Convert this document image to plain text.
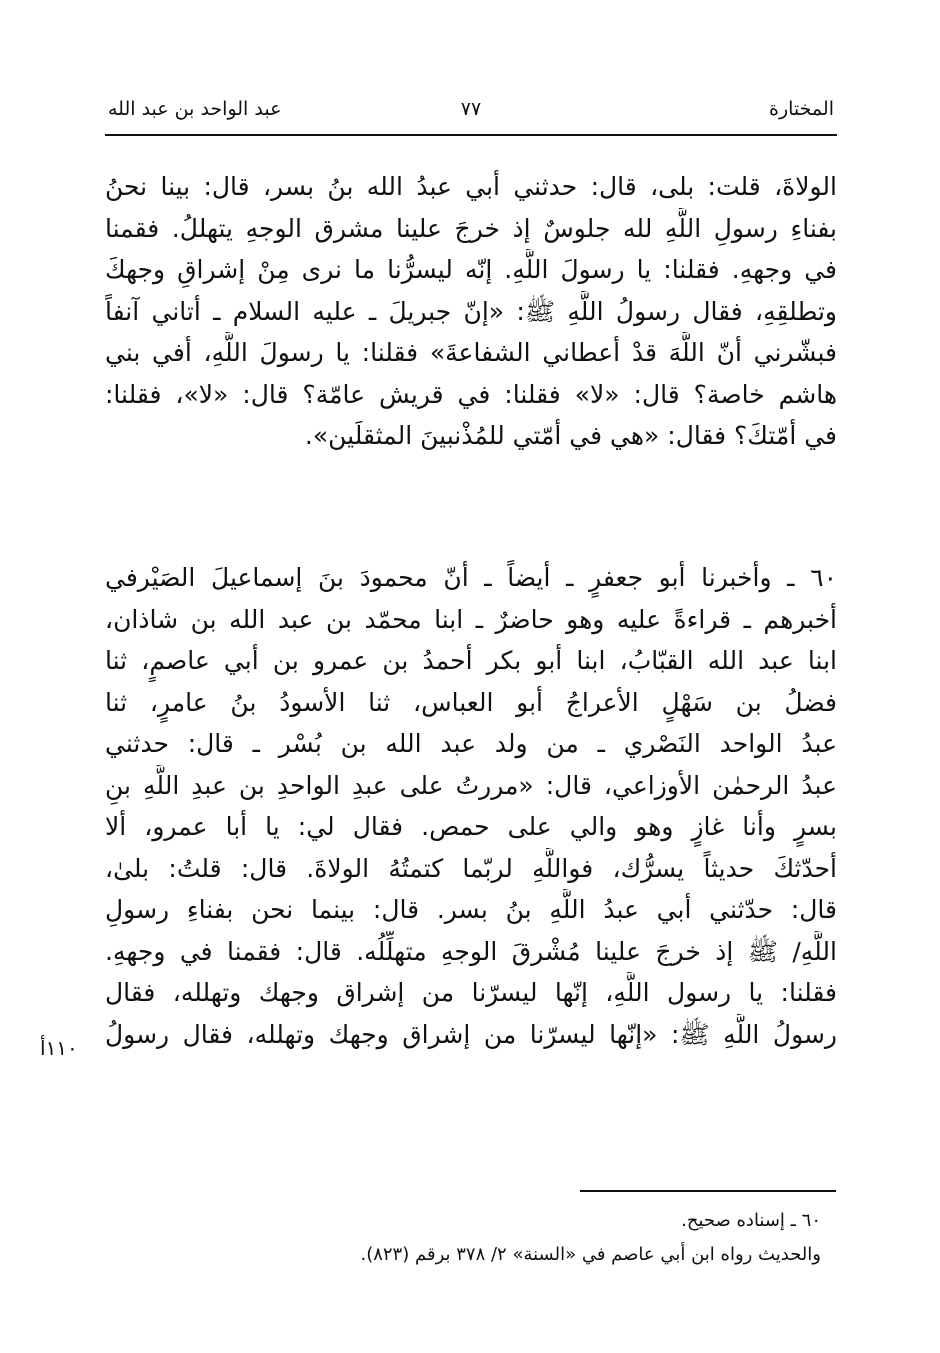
المختارة
٧٧
عبد الواحد بن عبد الله
الولاةَ، قلت: بلى، قال: حدثني أبي عبدُ الله بنُ بسر، قال: بينا نحنُ
بفناءِ رسولِ اللَّهِ لله جلوسٌ إذ خرجَ علينا مشرق الوجهِ يتهللُ. فقمنا
في وجههِ. فقلنا: يا رسولَ اللَّهِ. إنّه ليسرُّنا ما نرى مِنْ إشراقِ وجهكَ
وتطلقِهِ، فقال رسولُ اللَّهِ ﷺ: «إنّ جبريلَ ـ عليه السلام ـ أتاني آنفاً
فبشّرني أنّ اللَّهَ قدْ أعطاني الشفاعةَ» فقلنا: يا رسولَ اللَّهِ، أفي بني
هاشم خاصة؟ قال: «لا» فقلنا: في قريش عامّة؟ قال: «لا»، فقلنا:
في أمّتكَ؟ فقال: «هي في أمّتي للمُذْنبينَ المثقلَين».
٦٠ ـ وأخبرنا أبو جعفرٍ ـ أيضاً ـ أنّ محمودَ بنَ إسماعيلَ الصَيْرفي
أخبرهم ـ قراءةً عليه وهو حاضرٌ ـ ابنا محمّد بن عبد الله بن شاذان،
ابنا عبد الله القبّابُ، ابنا أبو بكر أحمدُ بن عمرو بن أبي عاصمٍ، ثنا
فضلُ بن سَهْلٍ الأعراجُ أبو العباس، ثنا الأسودُ بنُ عامرٍ، ثنا
عبدُ الواحد النَصْري ـ من ولد عبد الله بن بُسْر ـ قال: حدثني
عبدُ الرحمٰن الأوزاعي، قال: «مررتُ على عبدِ الواحدِ بن عبدِ اللَّهِ بنِ
بسرٍ وأنا غازٍ وهو والي على حمص. فقال لي: يا أبا عمرو، ألا
أحدّثكَ حديثاً يسرُّك، فواللَّهِ لربّما كتمتُهُ الولاةَ. قال: قلتُ: بلىٰ،
قال: حدّثني أبي عبدُ اللَّهِ بنُ بسر. قال: بينما نحن بفناءِ رسولِ
اللَّهِ/ ﷺ إذ خرجَ علينا مُشْرقَ الوجهِ متهلِّلُه. قال: فقمنا في وجههِ.
فقلنا: يا رسول اللَّهِ، إنّها ليسرّنا من إشراق وجهك وتهلله، فقال
رسولُ اللَّهِ ﷺ: «إنّها ليسرّنا من إشراق وجهك وتهلله، فقال رسولُ
١١٠أ
٦٠ ـ إسناده صحيح.
والحديث رواه ابن أبي عاصم في «السنة» ٢/ ٣٧٨ برقم (٨٢٣).
